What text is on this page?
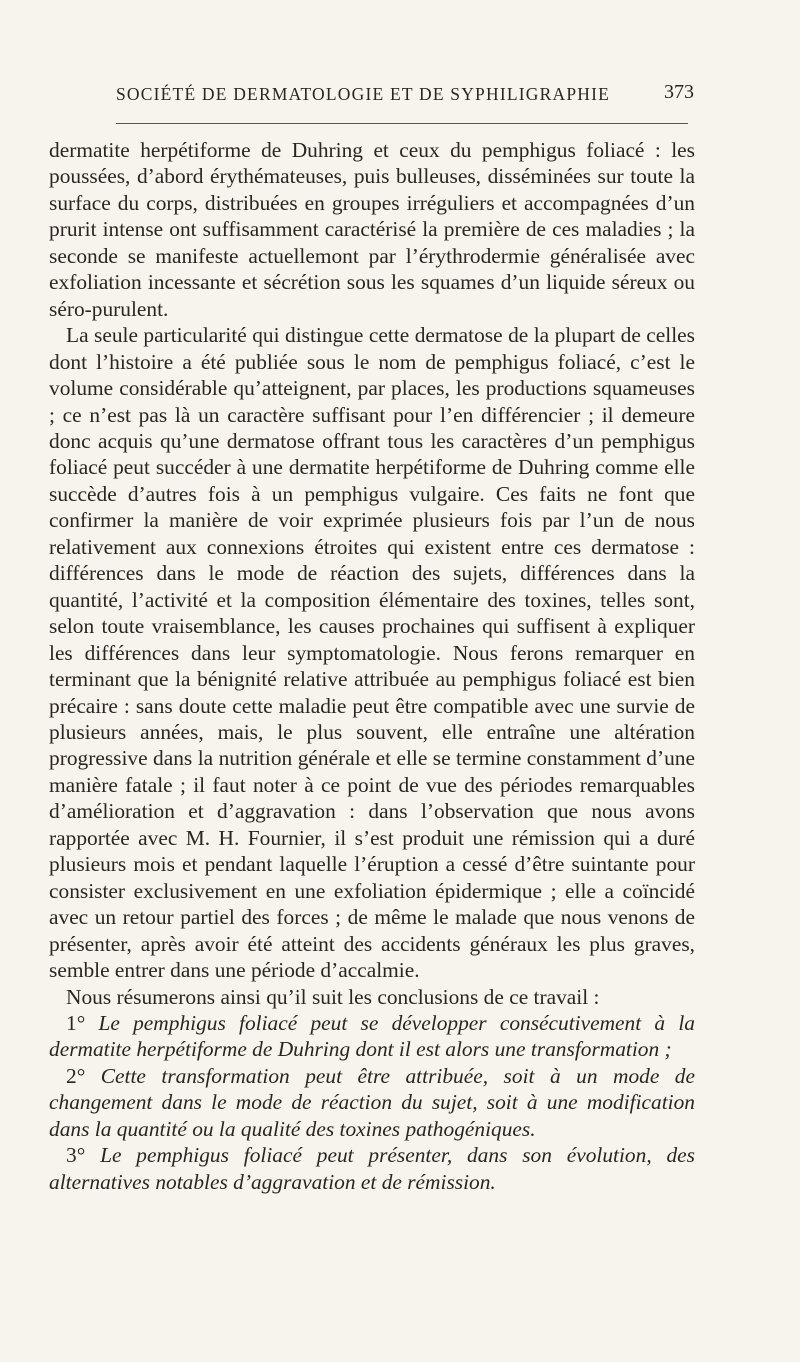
SOCIÉTÉ DE DERMATOLOGIE ET DE SYPHILIGRAPHIE	373

dermatite herpétiforme de Duhring et ceux du pemphigus foliacé : les poussées, d’abord érythémateuses, puis bulleuses, disséminées sur toute la surface du corps, distribuées en groupes irréguliers et accompagnées d’un prurit intense ont suffisamment caractérisé la première de ces maladies ; la seconde se manifeste actuellemont par l’érythrodermie généralisée avec exfoliation incessante et sécrétion sous les squames d’un liquide séreux ou séro-purulent.

La seule particularité qui distingue cette dermatose de la plupart de celles dont l’histoire a été publiée sous le nom de pemphigus foliacé, c’est le volume considérable qu’atteignent, par places, les productions squameuses ; ce n’est pas là un caractère suffisant pour l’en différencier ; il demeure donc acquis qu’une dermatose offrant tous les caractères d’un pemphigus foliacé peut succéder à une dermatite herpétiforme de Duhring comme elle succède d’autres fois à un pemphigus vulgaire. Ces faits ne font que confirmer la manière de voir exprimée plusieurs fois par l’un de nous relativement aux connexions étroites qui existent entre ces dermatose : différences dans le mode de réaction des sujets, différences dans la quantité, l’activité et la composition élémentaire des toxines, telles sont, selon toute vraisemblance, les causes prochaines qui suffisent à expliquer les différences dans leur symptomatologie. Nous ferons remarquer en terminant que la bénignité relative attribuée au pemphigus foliacé est bien précaire : sans doute cette maladie peut être compatible avec une survie de plusieurs années, mais, le plus souvent, elle entraîne une altération progressive dans la nutrition générale et elle se termine constamment d’une manière fatale ; il faut noter à ce point de vue des périodes remarquables d’amélioration et d’aggravation : dans l’observation que nous avons rapportée avec M. H. Fournier, il s’est produit une rémission qui a duré plusieurs mois et pendant laquelle l’éruption a cessé d’être suintante pour consister exclusivement en une exfoliation épidermique ; elle a coïncidé avec un retour partiel des forces ; de même le malade que nous venons de présenter, après avoir été atteint des accidents généraux les plus graves, semble entrer dans une période d’accalmie.

Nous résumerons ainsi qu’il suit les conclusions de ce travail :

1° Le pemphigus foliacé peut se développer consécutivement à la dermatite herpétiforme de Duhring dont il est alors une transformation ;

2° Cette transformation peut être attribuée, soit à un mode de changement dans le mode de réaction du sujet, soit à une modification dans la quantité ou la qualité des toxines pathogéniques.

3° Le pemphigus foliacé peut présenter, dans son évolution, des alternatives notables d’aggravation et de rémission.
